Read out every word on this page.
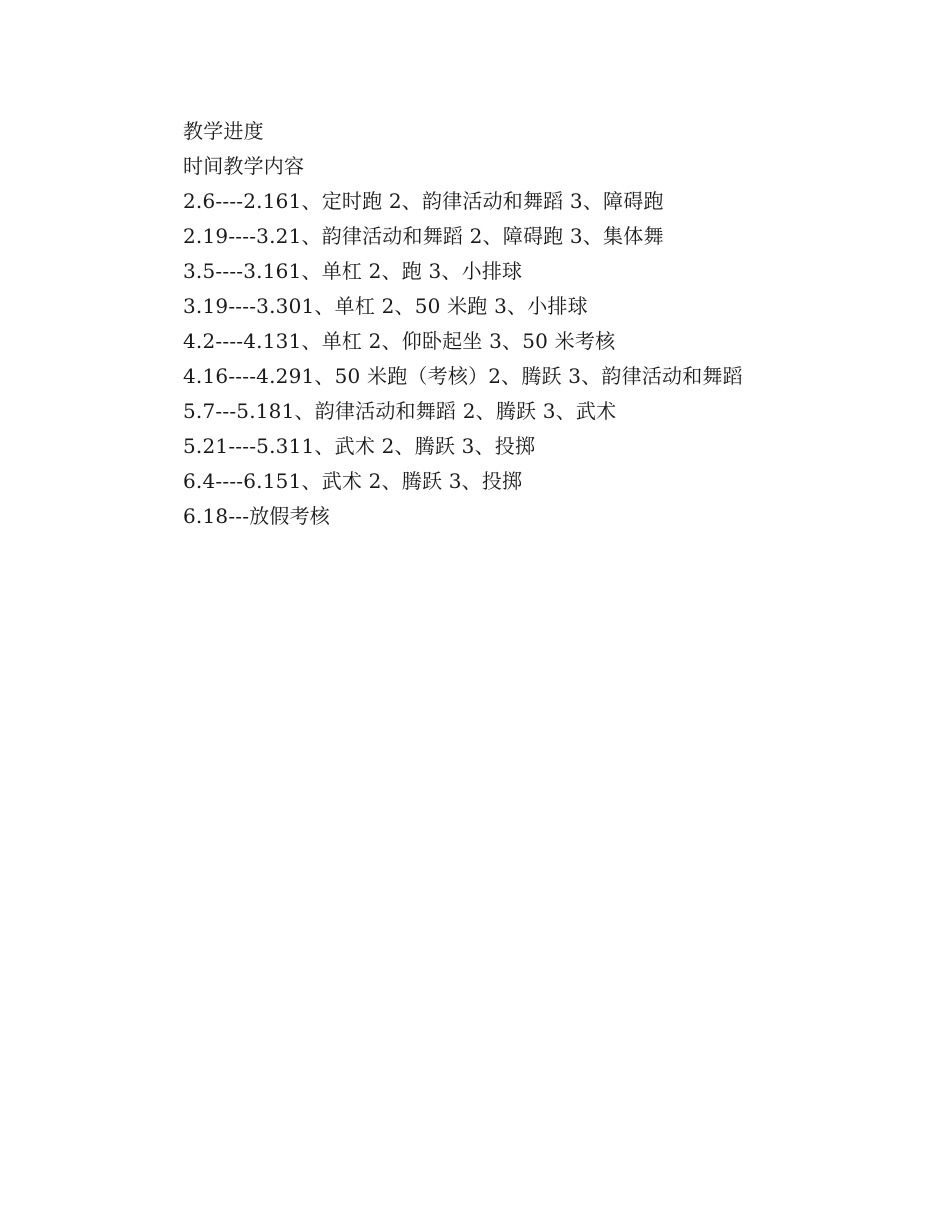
教学进度
时间教学内容
2.6----2.161、定时跑 2、韵律活动和舞蹈 3、障碍跑
2.19----3.21、韵律活动和舞蹈 2、障碍跑 3、集体舞
3.5----3.161、单杠 2、跑 3、小排球
3.19----3.301、单杠 2、50 米跑 3、小排球
4.2----4.131、单杠 2、仰卧起坐 3、50 米考核
4.16----4.291、50 米跑（考核）2、腾跃 3、韵律活动和舞蹈
5.7---5.181、韵律活动和舞蹈 2、腾跃 3、武术
5.21----5.311、武术 2、腾跃 3、投掷
6.4----6.151、武术 2、腾跃 3、投掷
6.18---放假考核
